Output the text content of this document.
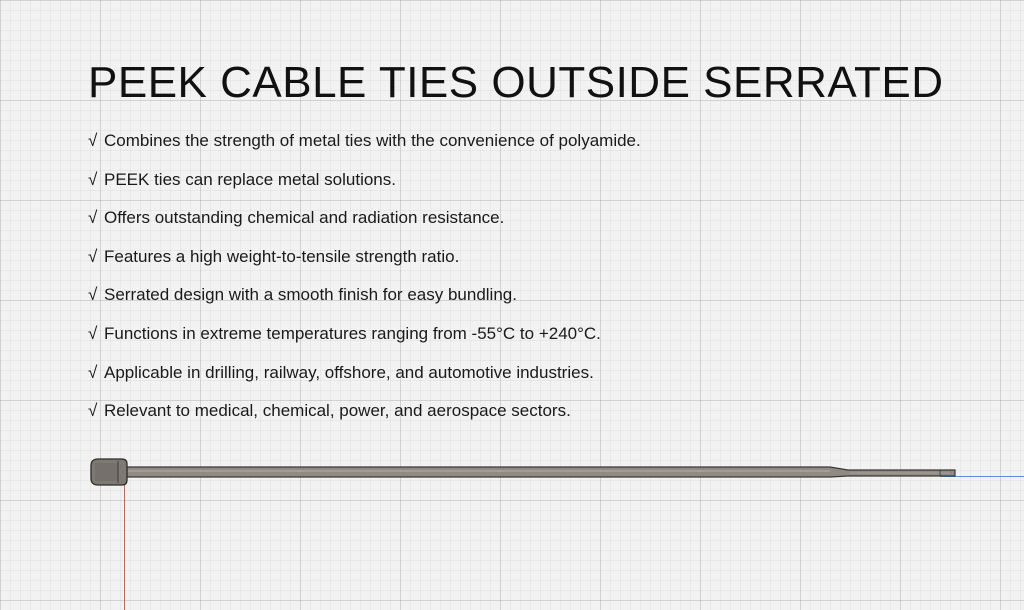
PEEK CABLE TIES OUTSIDE SERRATED
√ Combines the strength of metal ties with the convenience of polyamide.
√ PEEK ties can replace metal solutions.
√ Offers outstanding chemical and radiation resistance.
√ Features a high weight-to-tensile strength ratio.
√ Serrated design with a smooth finish for easy bundling.
√ Functions in extreme temperatures ranging from -55°C to +240°C.
√ Applicable in drilling, railway, offshore, and automotive industries.
√ Relevant to medical, chemical, power, and aerospace sectors.
